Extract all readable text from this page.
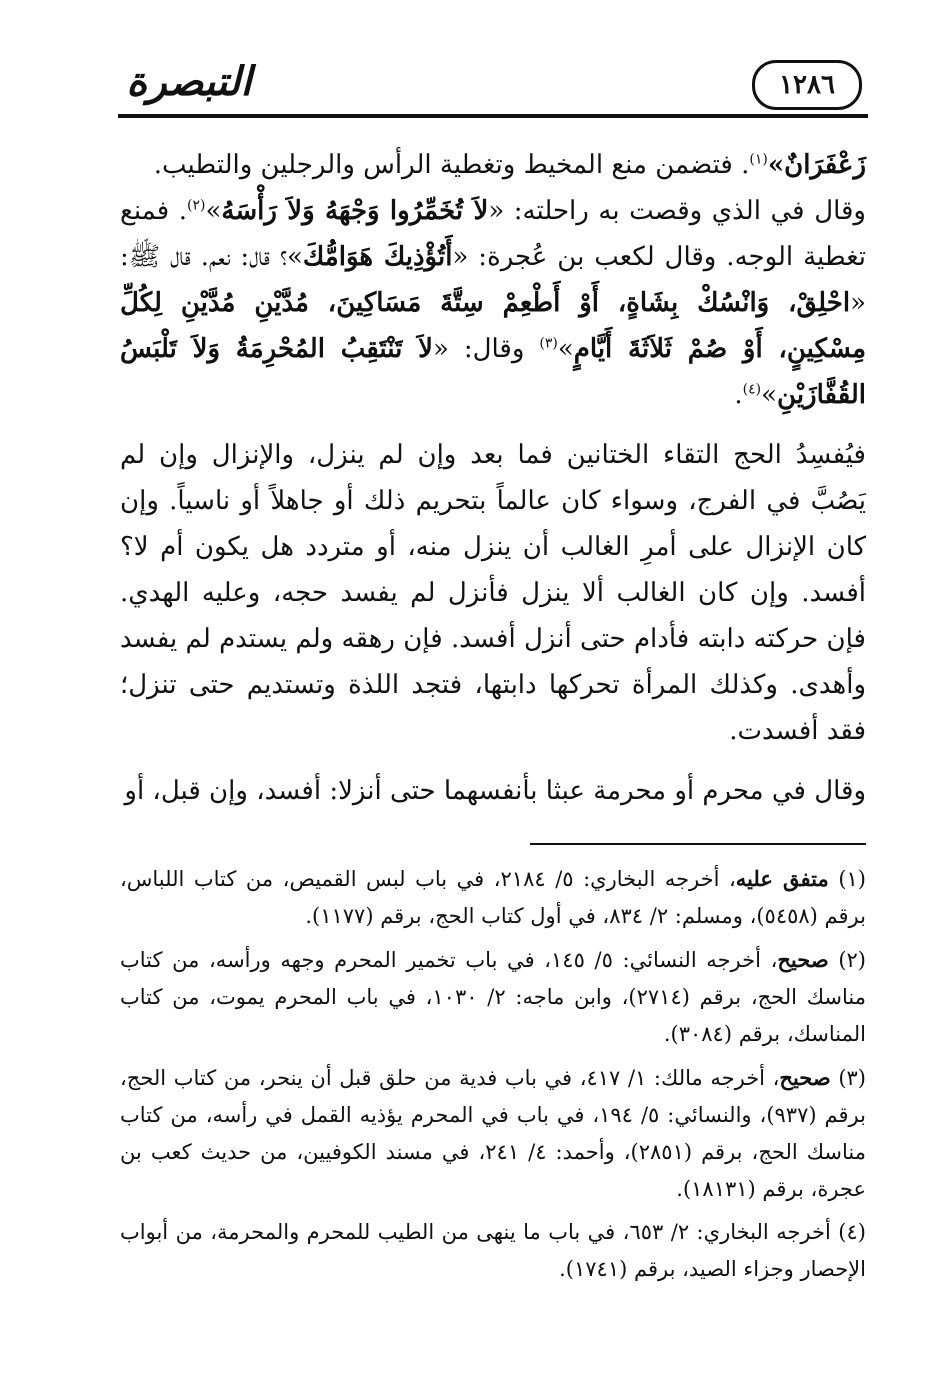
التبصرة	١٢٨٦

زَعْفَرَانٌ»$^{(١)}$. فتضمن منع المخيط وتغطية الرأس والرجلين والتطيب.

وقال في الذي وقصت به راحلته: «لاَ تُخَمِّرُوا وَجْهَهُ وَلاَ رَأْسَهُ»$^{(٢)}$. فمنع تغطية الوجه. وقال لكعب بن عُجرة: «أَتُؤْذِيكَ هَوَامُّكَ»؟ قال: نعم. قال ﷺ: «احْلِقْ، وَانْسُكْ بِشَاةٍ، أَوْ أَطْعِمْ سِتَّةَ مَسَاكِينَ، مُدَّيْنِ مُدَّيْنِ لِكُلِّ مِسْكِينٍ، أَوْ صُمْ ثَلاَثَةَ أَيَّامٍ»$^{(٣)}$ وقال: «لاَ تَنْتَقِبُ المُحْرِمَةُ وَلاَ تَلْبَسُ القُفَّازَيْنِ»$^{(٤)}$.

فيُفسِدُ الحج التقاء الختانين فما بعد وإن لم ينزل، والإنزال وإن لم يَصُبَّ في الفرج، وسواء كان عالماً بتحريم ذلك أو جاهلاً أو ناسياً. وإن كان الإنزال على أمرِ الغالب أن ينزل منه، أو متردد هل يكون أم لا؟ أفسد. وإن كان الغالب ألا ينزل فأنزل لم يفسد حجه، وعليه الهدي. فإن حركته دابته فأدام حتى أنزل أفسد. فإن رهقه ولم يستدم لم يفسد وأهدى. وكذلك المرأة تحركها دابتها، فتجد اللذة وتستديم حتى تنزل؛ فقد أفسدت.

وقال في محرم أو محرمة عبثا بأنفسهما حتى أنزلا: أفسد، وإن قبل، أو

(١) متفق عليه، أخرجه البخاري: ٥/ ٢١٨٤، في باب لبس القميص، من كتاب اللباس، برقم (٥٤٥٨)، ومسلم: ٢/ ٨٣٤، في أول كتاب الحج، برقم (١١٧٧).

(٢) صحيح، أخرجه النسائي: ٥/ ١٤٥، في باب تخمير المحرم وجهه ورأسه، من كتاب مناسك الحج، برقم (٢٧١٤)، وابن ماجه: ٢/ ١٠٣٠، في باب المحرم يموت، من كتاب المناسك، برقم (٣٠٨٤).

(٣) صحيح، أخرجه مالك: ١/ ٤١٧، في باب فدية من حلق قبل أن ينحر، من كتاب الحج، برقم (٩٣٧)، والنسائي: ٥/ ١٩٤، في باب في المحرم يؤذيه القمل في رأسه، من كتاب مناسك الحج، برقم (٢٨٥١)، وأحمد: ٤/ ٢٤١، في مسند الكوفيين، من حديث كعب بن عجرة، برقم (١٨١٣١).

(٤) أخرجه البخاري: ٢/ ٦٥٣، في باب ما ينهى من الطيب للمحرم والمحرمة، من أبواب الإحصار وجزاء الصيد، برقم (١٧٤١).
